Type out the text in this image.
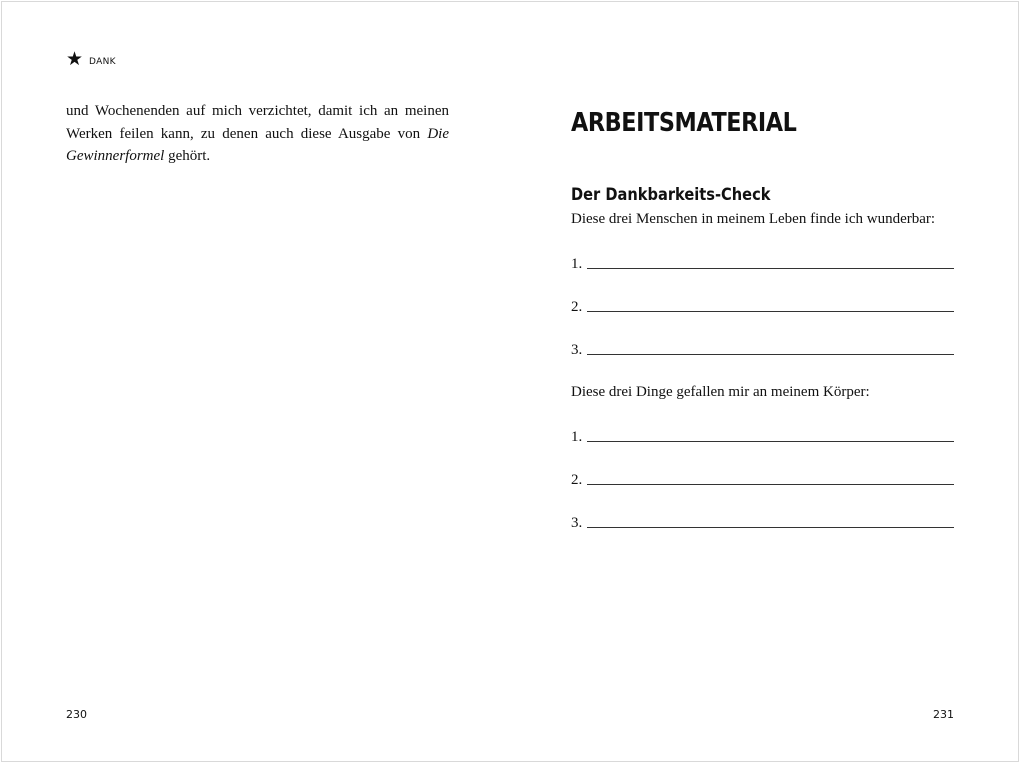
★ DANK
und Wochenenden auf mich verzichtet, damit ich an meinen Werken feilen kann, zu denen auch diese Ausgabe von Die Gewinnerformel gehört.
230
ARBEITSMATERIAL
Der Dankbarkeits-Check
Diese drei Menschen in meinem Leben finde ich wunderbar:
1.
2.
3.
Diese drei Dinge gefallen mir an meinem Körper:
1.
2.
3.
231
